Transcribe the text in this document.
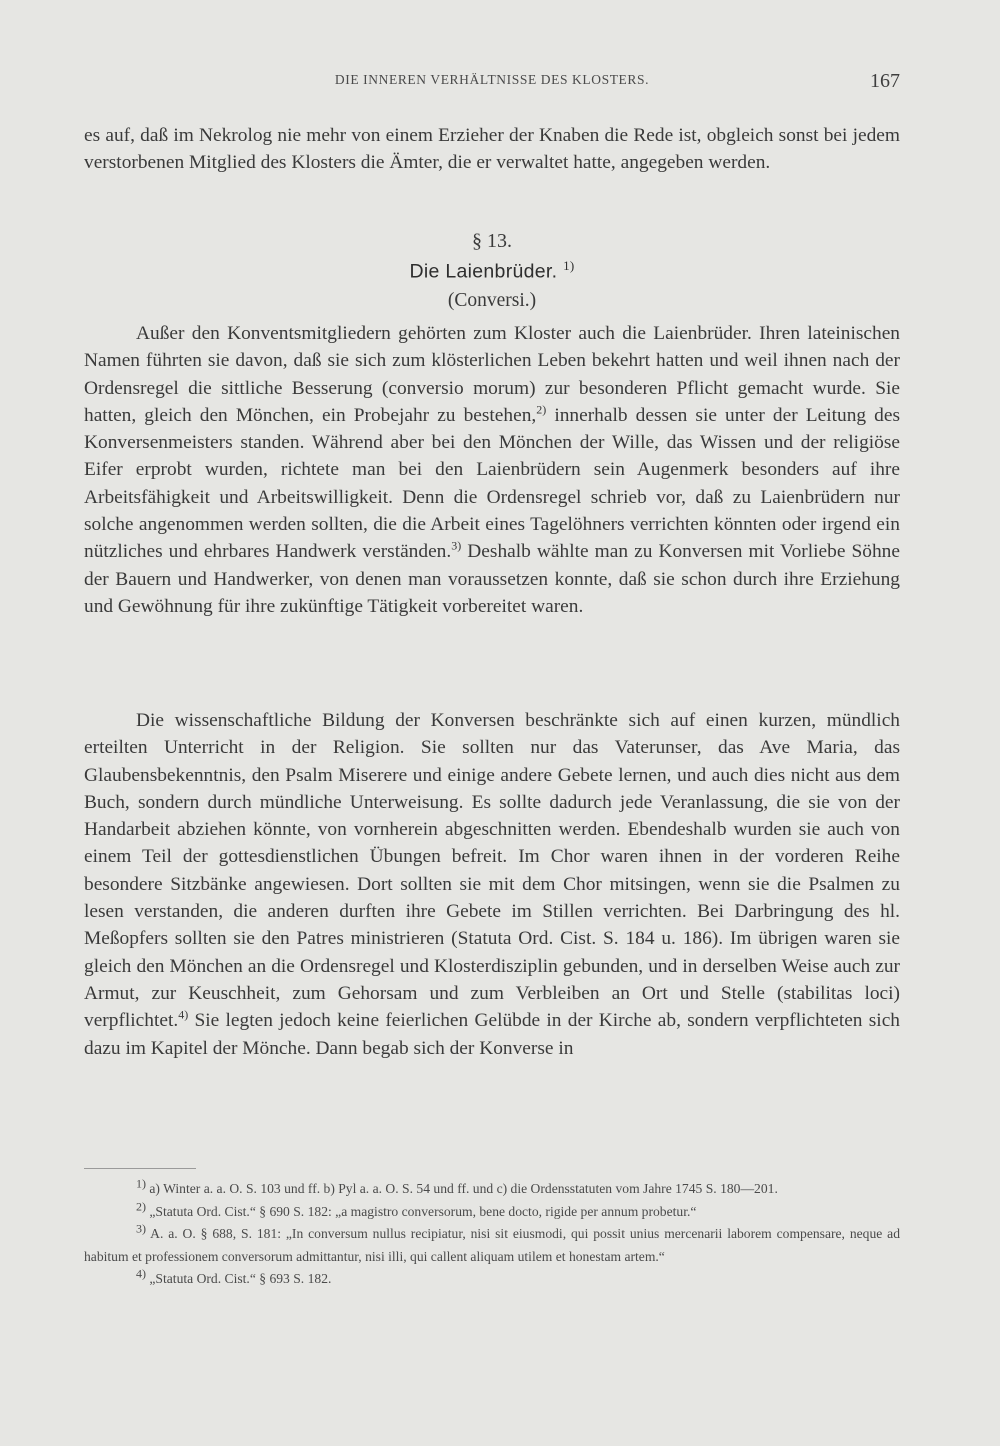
DIE INNEREN VERHÄLTNISSE DES KLOSTERS.	167

es auf, daß im Nekrolog nie mehr von einem Erzieher der Knaben die Rede ist, obgleich sonst bei jedem verstorbenen Mitglied des Klosters die Ämter, die er verwaltet hatte, angegeben werden.

§ 13.
Die Laienbrüder. $^{1)}$
(Conversi.)

Außer den Konventsmitgliedern gehörten zum Kloster auch die Laienbrüder. Ihren lateinischen Namen führten sie davon, daß sie sich zum klösterlichen Leben bekehrt hatten und weil ihnen nach der Ordensregel die sittliche Besserung (conversio morum) zur besonderen Pflicht gemacht wurde. Sie hatten, gleich den Mönchen, ein Probejahr zu bestehen,$^{2)}$ innerhalb dessen sie unter der Leitung des Konversenmeisters standen. Während aber bei den Mönchen der Wille, das Wissen und der religiöse Eifer erprobt wurden, richtete man bei den Laienbrüdern sein Augenmerk besonders auf ihre Arbeitsfähigkeit und Arbeitswilligkeit. Denn die Ordensregel schrieb vor, daß zu Laienbrüdern nur solche angenommen werden sollten, die die Arbeit eines Tagelöhners verrichten könnten oder irgend ein nützliches und ehrbares Handwerk verständen.$^{3)}$ Deshalb wählte man zu Konversen mit Vorliebe Söhne der Bauern und Handwerker, von denen man voraussetzen konnte, daß sie schon durch ihre Erziehung und Gewöhnung für ihre zukünftige Tätigkeit vorbereitet waren.

Die wissenschaftliche Bildung der Konversen beschränkte sich auf einen kurzen, mündlich erteilten Unterricht in der Religion. Sie sollten nur das Vaterunser, das Ave Maria, das Glaubensbekenntnis, den Psalm Miserere und einige andere Gebete lernen, und auch dies nicht aus dem Buch, sondern durch mündliche Unterweisung. Es sollte dadurch jede Veranlassung, die sie von der Handarbeit abziehen könnte, von vornherein abgeschnitten werden. Ebendeshalb wurden sie auch von einem Teil der gottesdienstlichen Übungen befreit. Im Chor waren ihnen in der vorderen Reihe besondere Sitzbänke angewiesen. Dort sollten sie mit dem Chor mitsingen, wenn sie die Psalmen zu lesen verstanden, die anderen durften ihre Gebete im Stillen verrichten. Bei Darbringung des hl. Meßopfers sollten sie den Patres ministrieren (Statuta Ord. Cist. S. 184 u. 186). Im übrigen waren sie gleich den Mönchen an die Ordensregel und Klosterdisziplin gebunden, und in derselben Weise auch zur Armut, zur Keuschheit, zum Gehorsam und zum Verbleiben an Ort und Stelle (stabilitas loci) verpflichtet.$^{4)}$ Sie legten jedoch keine feierlichen Gelübde in der Kirche ab, sondern verpflichteten sich dazu im Kapitel der Mönche. Dann begab sich der Konverse in

$^{1)}$ a) Winter a. a. O. S. 103 und ff. b) Pyl a. a. O. S. 54 und ff. und c) die Ordensstatuten vom Jahre 1745 S. 180—201.

$^{2)}$ „Statuta Ord. Cist.“ § 690 S. 182: „a magistro conversorum, bene docto, rigide per annum probetur.“

$^{3)}$ A. a. O. § 688, S. 181: „In conversum nullus recipiatur, nisi sit eiusmodi, qui possit unius mercenarii laborem compensare, neque ad habitum et professionem conversorum admittantur, nisi illi, qui callent aliquam utilem et honestam artem.“

$^{4)}$ „Statuta Ord. Cist.“ § 693 S. 182.
